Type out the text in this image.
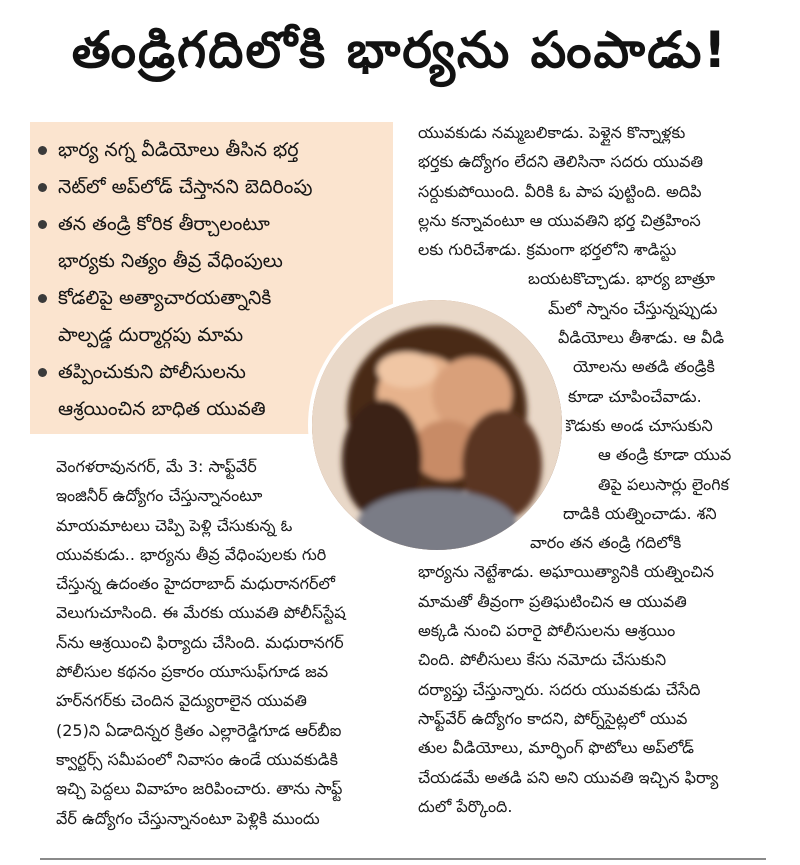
తండ్రిగదిలోకి భార్యను పంపాడు!
భార్య నగ్న వీడియోలు తీసిన భర్త
నెట్‌లో అప్‌లోడ్ చేస్తానని బెదిరింపు
తన తండ్రి కోరిక తీర్చాలంటూ
భార్యకు నిత్యం తీవ్ర వేధింపులు
కోడలిపై అత్యాచారయత్నానికి
పాల్పడ్డ దుర్మార్గపు మామ
తప్పించుకుని పోలీసులను
ఆశ్రయించిన బాధిత యువతి
వెంగళరావునగర్, మే 3: సాఫ్ట్‌వేర్
ఇంజినీర్ ఉద్యోగం చేస్తున్నానంటూ
మాయమాటలు చెప్పి పెళ్లి చేసుకున్న ఓ
యువకుడు.. భార్యను తీవ్ర వేధింపులకు గురి
చేస్తున్న ఉదంతం హైదరాబాద్ మధురానగర్‌లో
వెలుగుచూసింది. ఈ మేరకు యువతి పోలీస్‌స్టేష
న్‌ను ఆశ్రయించి ఫిర్యాదు చేసింది. మధురానగర్
పోలీసుల కథనం ప్రకారం యూసుఫ్‌గూడ జవ
హర్‌నగర్‌కు చెందిన వైద్యురాలైన యువతి
(25)ని ఏడాదిన్నర క్రితం ఎల్లారెడ్డిగూడ ఆర్‌బీఐ
క్వార్టర్స్ సమీపంలో నివాసం ఉండే యువకుడికి
ఇచ్చి పెద్దలు వివాహం జరిపించారు. తాను సాఫ్ట్
వేర్ ఉద్యోగం చేస్తున్నానంటూ పెళ్లికి ముందు
యువకుడు నమ్మబలికాడు. పెళ్లైన కొన్నాళ్లకు
భర్తకు ఉద్యోగం లేదని తెలిసినా సదరు యువతి
సర్దుకుపోయింది. వీరికి ఓ పాప పుట్టింది. అదిపి
ల్లను కన్నావంటూ ఆ యువతిని భర్త చిత్రహింస
లకు గురిచేశాడు. క్రమంగా భర్తలోని శాడిస్టు
బయటకొచ్చాడు. భార్య బాత్రూ
మ్‌లో స్నానం చేస్తున్నప్పుడు
వీడియోలు తీశాడు. ఆ వీడి
యోలను అతడి తండ్రికి
కూడా చూపించేవాడు.
కొడుకు అండ చూసుకుని
ఆ తండ్రి కూడా యువ
తిపై పలుసార్లు లైంగిక
దాడికి యత్నించాడు. శని
వారం తన తండ్రి గదిలోకి
భార్యను నెట్టేశాడు. అఘాయిత్యానికి యత్నించిన
మామతో తీవ్రంగా ప్రతిఘటించిన ఆ యువతి
అక్కడి నుంచి పరారై పోలీసులను ఆశ్రయిం
చింది. పోలీసులు కేసు నమోదు చేసుకుని
దర్యాప్తు చేస్తున్నారు. సదరు యువకుడు చేసేది
సాఫ్ట్‌వేర్ ఉద్యోగం కాదని, పోర్న్‌సైట్లలో యువ
తుల వీడియోలు, మార్ఫింగ్ ఫొటోలు అప్‌లోడ్
చేయడమే అతడి పని అని యువతి ఇచ్చిన ఫిర్యా
దులో పేర్కొంది.
